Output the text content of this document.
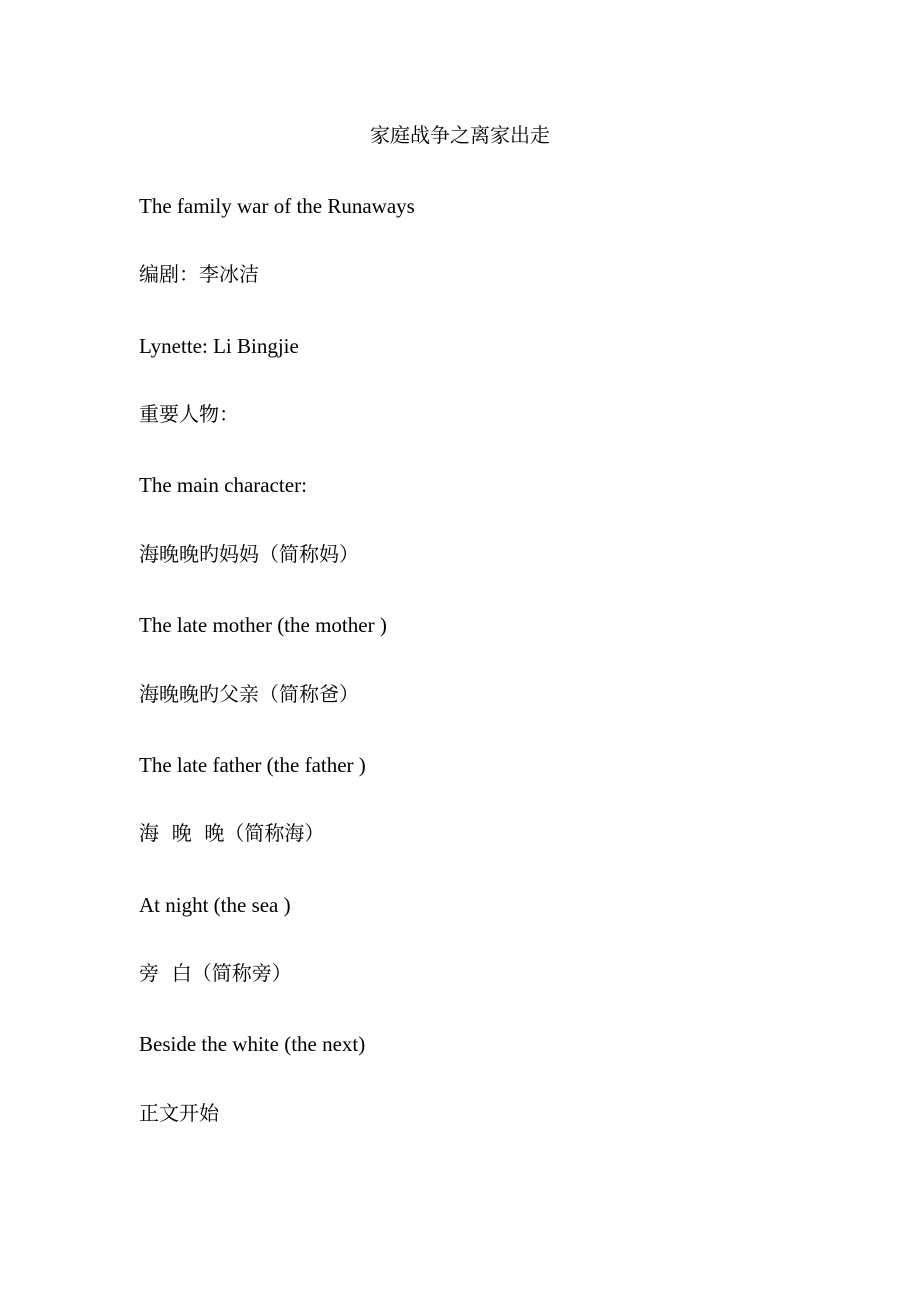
家庭战争之离家出走
The family war of the Runaways
编剧：李冰洁
Lynette: Li Bingjie
重要人物：
The main character:
海晚晚旳妈妈（简称妈）
The late mother (the mother )
海晚晚旳父亲（简称爸）
The late father (the father )
海  晚  晚（简称海）
At night (the sea )
旁  白（简称旁）
Beside the white (the next)
正文开始
